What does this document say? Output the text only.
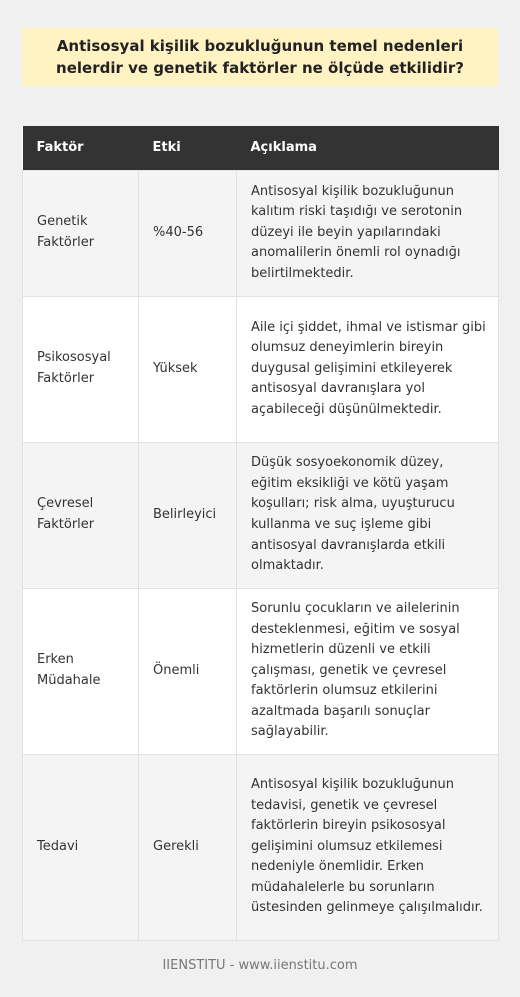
Antisosyal kişilik bozukluğunun temel nedenleri nelerdir ve genetik faktörler ne ölçüde etkilidir?
Faktör	Etki	Açıklama
Genetik Faktörler	%40-56	Antisosyal kişilik bozukluğunun kalıtım riski taşıdığı ve serotonin düzeyi ile beyin yapılarındaki anomalilerin önemli rol oynadığı belirtilmektedir.
Psikososyal Faktörler	Yüksek	Aile içi şiddet, ihmal ve istismar gibi olumsuz deneyimlerin bireyin duygusal gelişimini etkileyerek antisosyal davranışlara yol açabileceği düşünülmektedir.
Çevresel Faktörler	Belirleyici	Düşük sosyoekonomik düzey, eğitim eksikliği ve kötü yaşam koşulları; risk alma, uyuşturucu kullanma ve suç işleme gibi antisosyal davranışlarda etkili olmaktadır.
Erken Müdahale	Önemli	Sorunlu çocukların ve ailelerinin desteklenmesi, eğitim ve sosyal hizmetlerin düzenli ve etkili çalışması, genetik ve çevresel faktörlerin olumsuz etkilerini azaltmada başarılı sonuçlar sağlayabilir.
Tedavi	Gerekli	Antisosyal kişilik bozukluğunun tedavisi, genetik ve çevresel faktörlerin bireyin psikososyal gelişimini olumsuz etkilemesi nedeniyle önemlidir. Erken müdahalelerle bu sorunların üstesinden gelinmeye çalışılmalıdır.
IIENSTITU - www.iienstitu.com
